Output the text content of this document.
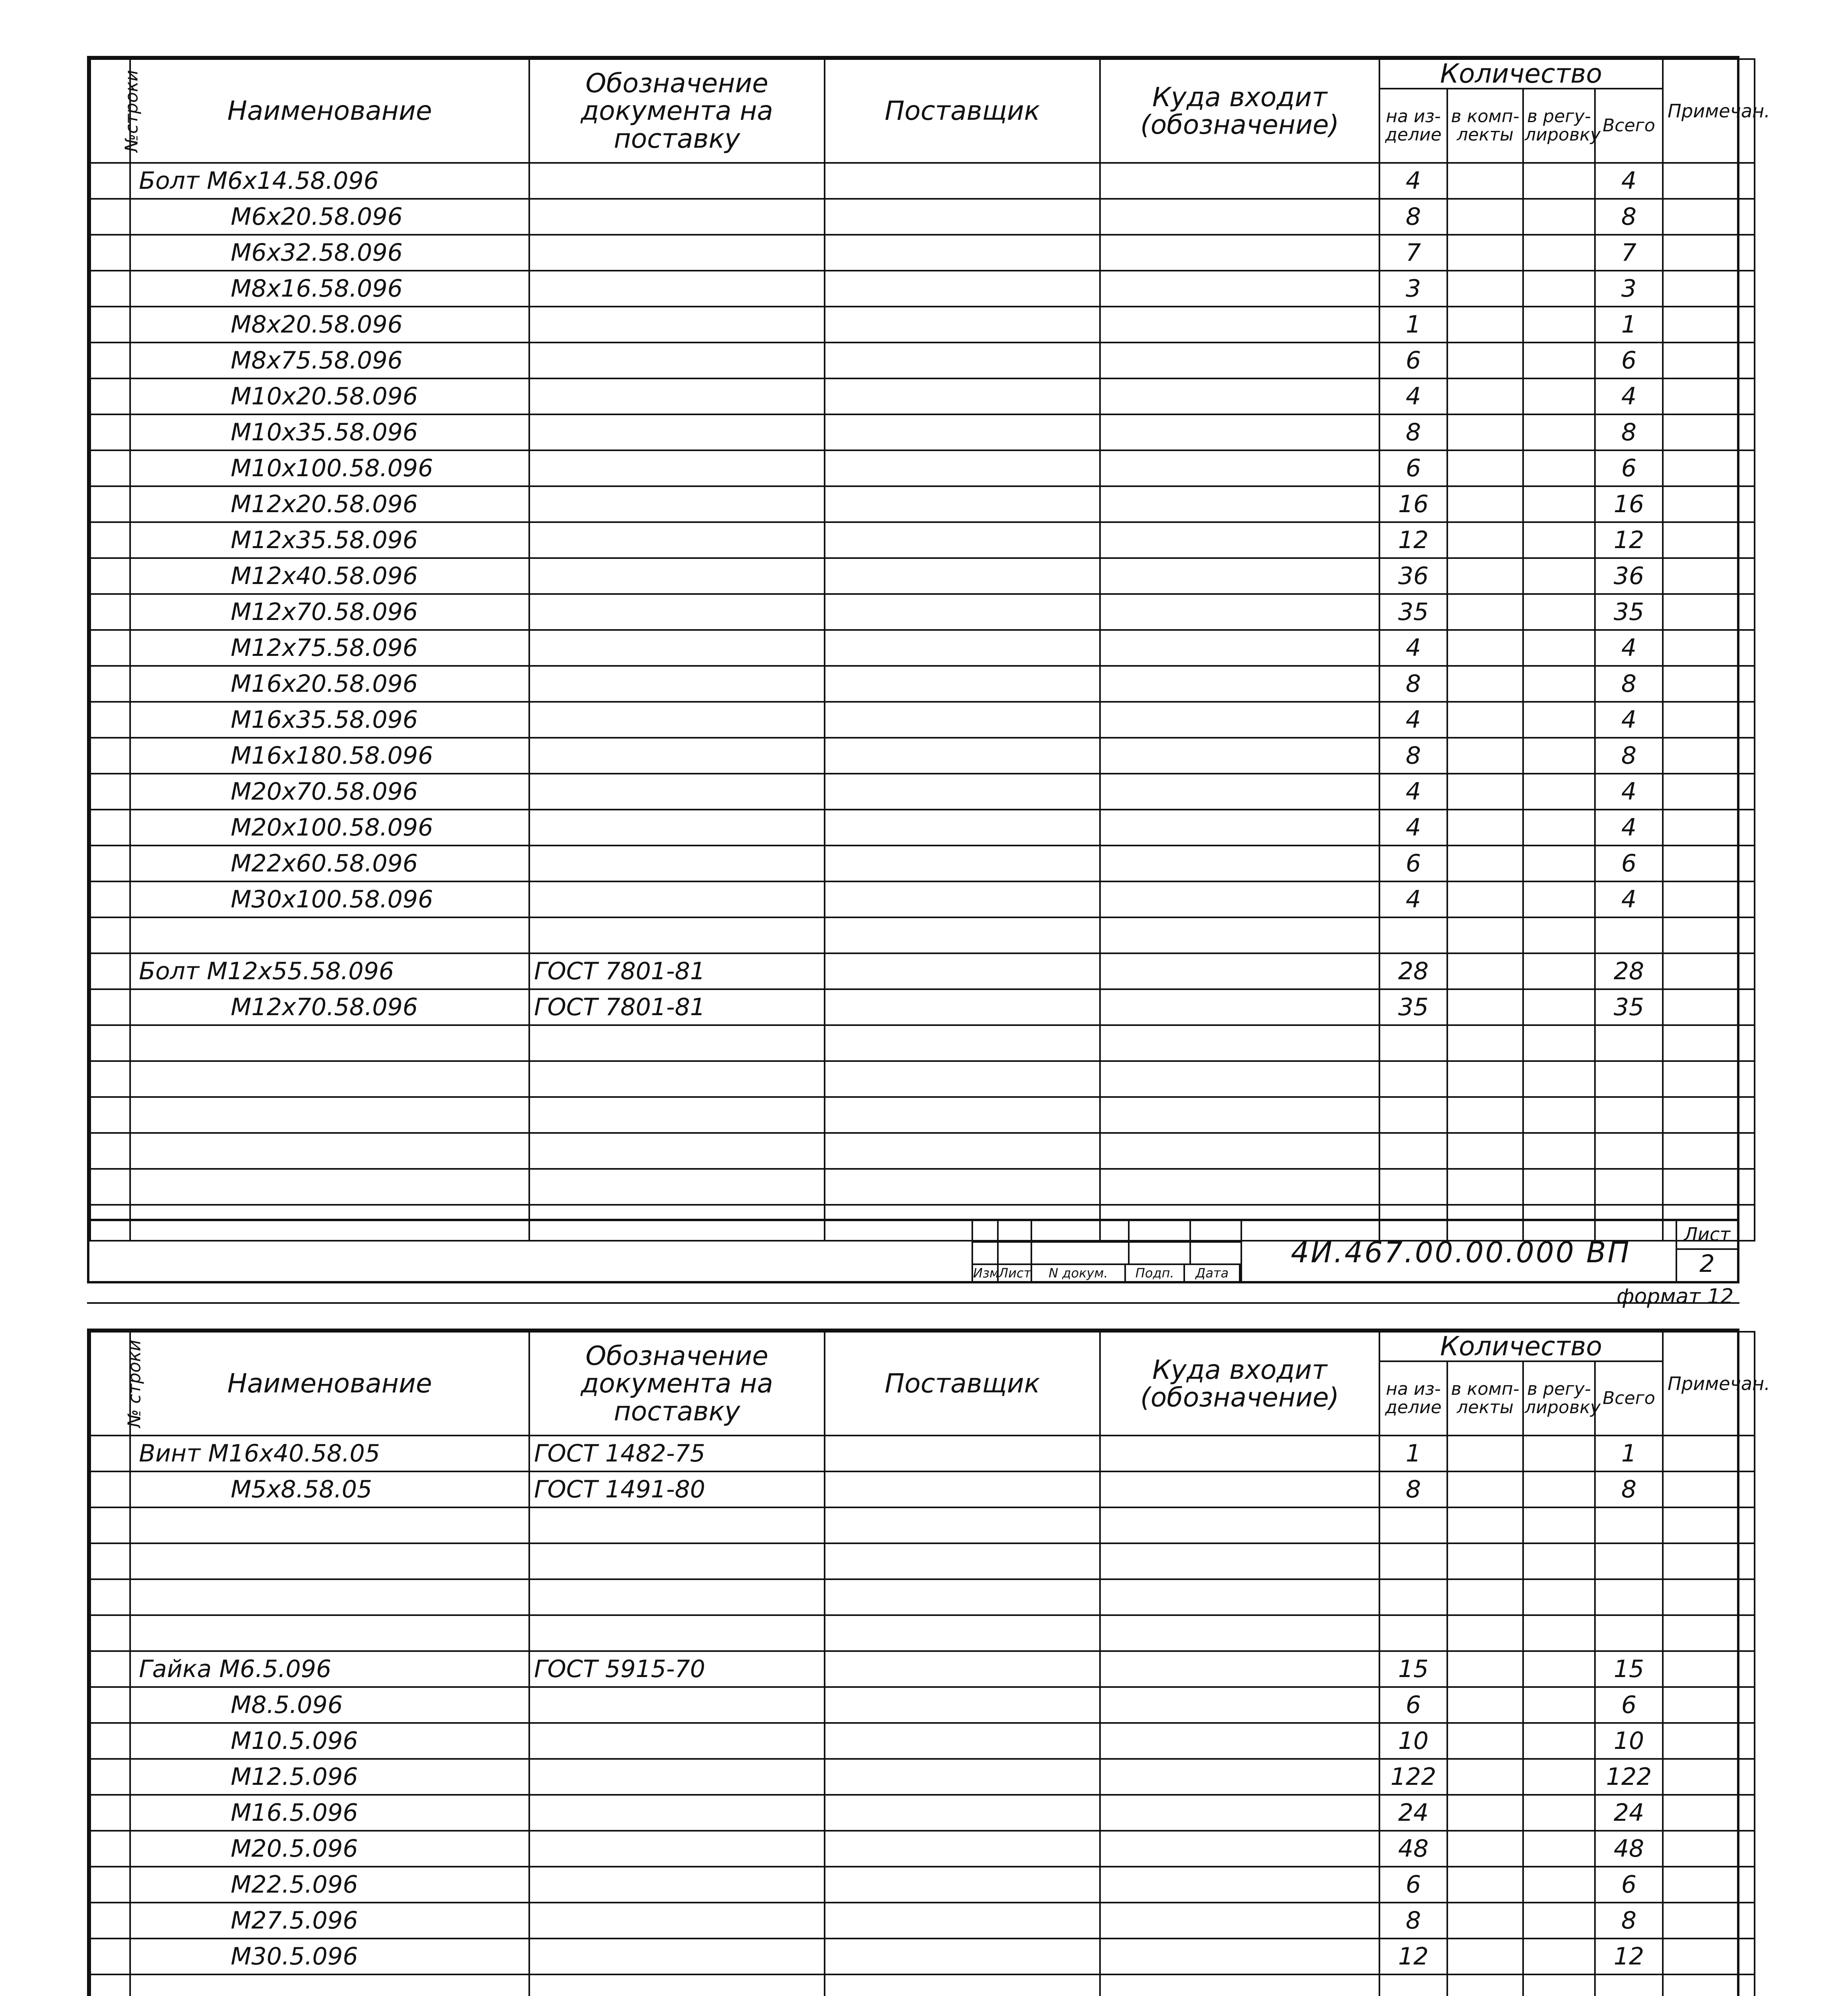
№строки	Наименование	Обозначение документа на поставку	Поставщик	Куда входит (обозначение)	Количество				Примечан.
					на из- делие	в комп- лекты	в регу- лировку	Всего	
	Болт М6х14.58.096				4			4	
	М6х20.58.096				8			8	
	М6х32.58.096				7			7	
	М8х16.58.096				3			3	
	М8х20.58.096				1			1	
	М8х75.58.096				6			6	
	М10х20.58.096				4			4	
	М10х35.58.096				8			8	
	М10х100.58.096				6			6	
	М12х20.58.096				16			16	
	М12х35.58.096				12			12	
	М12х40.58.096				36			36	
	М12х70.58.096				35			35	
	М12х75.58.096				4			4	
	М16х20.58.096				8			8	
	М16х35.58.096				4			4	
	М16х180.58.096				8			8	
	М20х70.58.096				4			4	
	М20х100.58.096				4			4	
	М22х60.58.096				6			6	
	М30х100.58.096				4			4	

	Болт М12х55.58.096	ГОСТ 7801-81			28			28	
	М12х70.58.096	ГОСТ 7801-81			35			35	

Изм
Лист	N докум.	Подп.	Дата
4И.467.00.00.000 ВП
Лист
2
формат 12
№ строки	Наименование	Обозначение документа на поставку	Поставщик	Куда входит (обозначение)	Количество				Примечан.
					на из- делие	в комп- лекты	в регу- лировку	Всего	
	Винт М16х40.58.05	ГОСТ 1482-75			1			1	
	М5х8.58.05	ГОСТ 1491-80			8			8	

	Гайка М6.5.096	ГОСТ 5915-70			15			15	
	М8.5.096				6			6	
	М10.5.096				10			10	
	М12.5.096				122			122	
	М16.5.096				24			24	
	М20.5.096				48			48	
	М22.5.096				6			6	
	М27.5.096				8			8	
	М30.5.096				12			12	
